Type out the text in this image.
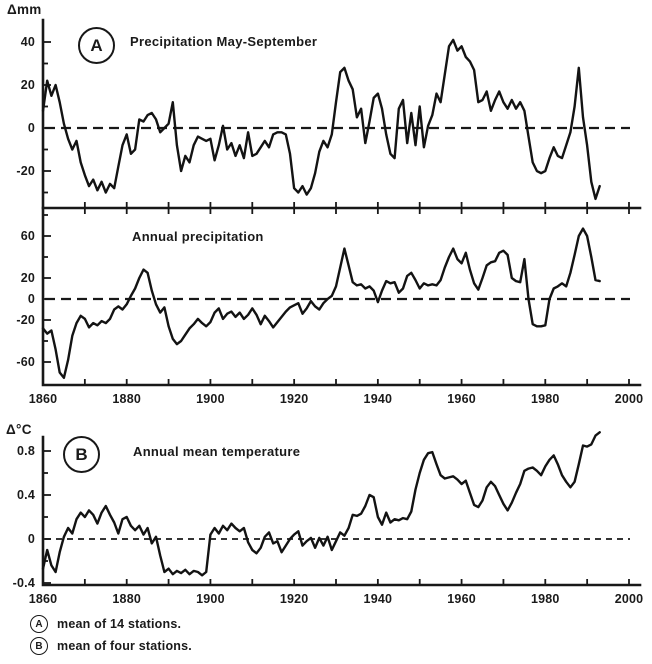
40
20
0
-20
60
20
0
-20
-60
1860	1880	1900	1920	1940	1960	1980	2000
0.8
0.4
0
-0.4
1860	1880	1900	1920	1940	1960	1980	2000
Δmm
A	Precipitation May-September
Annual precipitation
Δ°C
B	Annual mean temperature
A	mean of 14 stations.
B	mean of four stations.
